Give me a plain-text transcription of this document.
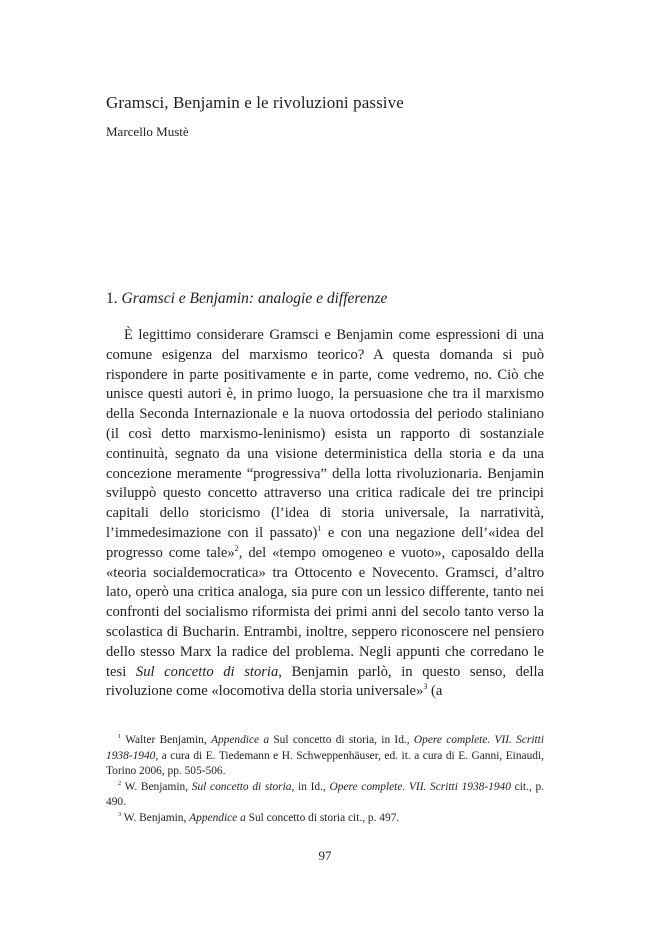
Gramsci, Benjamin e le rivoluzioni passive
Marcello Mustè
1. Gramsci e Benjamin: analogie e differenze

È legittimo considerare Gramsci e Benjamin come espressioni di una comune esigenza del marxismo teorico? A questa domanda si può rispondere in parte positivamente e in parte, come vedremo, no. Ciò che unisce questi autori è, in primo luogo, la persuasione che tra il marxismo della Seconda Internazionale e la nuova ortodossia del periodo staliniano (il così detto marxismo-leninismo) esista un rapporto di sostanziale continuità, segnato da una visione deterministica della storia e da una concezione meramente “progressiva” della lotta rivoluzionaria. Benjamin sviluppò questo concetto attraverso una critica radicale dei tre principi capitali dello storicismo (l’idea di storia universale, la narratività, l’immedesimazione con il passato)$^1$ e con una negazione dell’«idea del progresso come tale»$^2$, del «tempo omogeneo e vuoto», caposaldo della «teoria socialdemocratica» tra Ottocento e Novecento. Gramsci, d’altro lato, operò una critica analoga, sia pure con un lessico differente, tanto nei confronti del socialismo riformista dei primi anni del secolo tanto verso la scolastica di Bucharin. Entrambi, inoltre, seppero riconoscere nel pensiero dello stesso Marx la radice del problema. Negli appunti che corredano le tesi Sul concetto di storia, Benjamin parlò, in questo senso, della rivoluzione come «locomotiva della storia universale»$^3$ (a

$^1$ Walter Benjamin, Appendice a Sul concetto di storia, in Id., Opere complete. VII. Scritti 1938-1940, a cura di E. Tiedemann e H. Schweppenhäuser, ed. it. a cura di E. Ganni, Einaudi, Torino 2006, pp. 505-506.

$^2$ W. Benjamin, Sul concetto di storia, in Id., Opere complete. VII. Scritti 1938-1940 cit., p. 490.

$^3$ W. Benjamin, Appendice a Sul concetto di storia cit., p. 497.

97
